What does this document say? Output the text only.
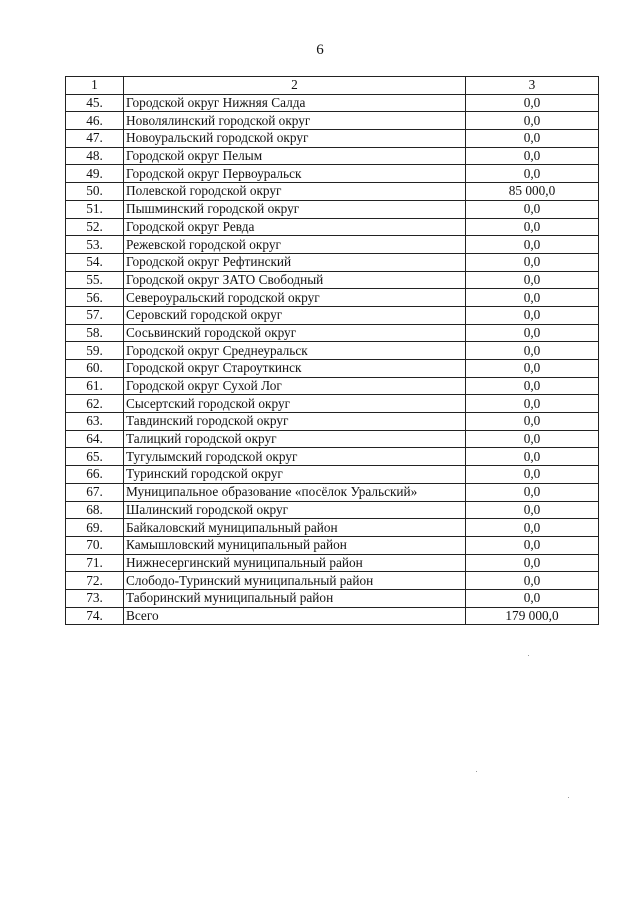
6
1	2	3
45.	Городской округ Нижняя Салда	0,0
46.	Новолялинский городской округ	0,0
47.	Новоуральский городской округ	0,0
48.	Городской округ Пелым	0,0
49.	Городской округ Первоуральск	0,0
50.	Полевской городской округ	85 000,0
51.	Пышминский городской округ	0,0
52.	Городской округ Ревда	0,0
53.	Режевской городской округ	0,0
54.	Городской округ Рефтинский	0,0
55.	Городской округ ЗАТО Свободный	0,0
56.	Североуральский городской округ	0,0
57.	Серовский городской округ	0,0
58.	Сосьвинский городской округ	0,0
59.	Городской округ Среднеуральск	0,0
60.	Городской округ Староуткинск	0,0
61.	Городской округ Сухой Лог	0,0
62.	Сысертский городской округ	0,0
63.	Тавдинский городской округ	0,0
64.	Талицкий городской округ	0,0
65.	Тугулымский городской округ	0,0
66.	Туринский городской округ	0,0
67.	Муниципальное образование «посёлок Уральский»	0,0
68.	Шалинский городской округ	0,0
69.	Байкаловский муниципальный район	0,0
70.	Камышловский муниципальный район	0,0
71.	Нижнесергинский муниципальный район	0,0
72.	Слободо-Туринский муниципальный район	0,0
73.	Таборинский муниципальный район	0,0
74.	Всего	179 000,0
